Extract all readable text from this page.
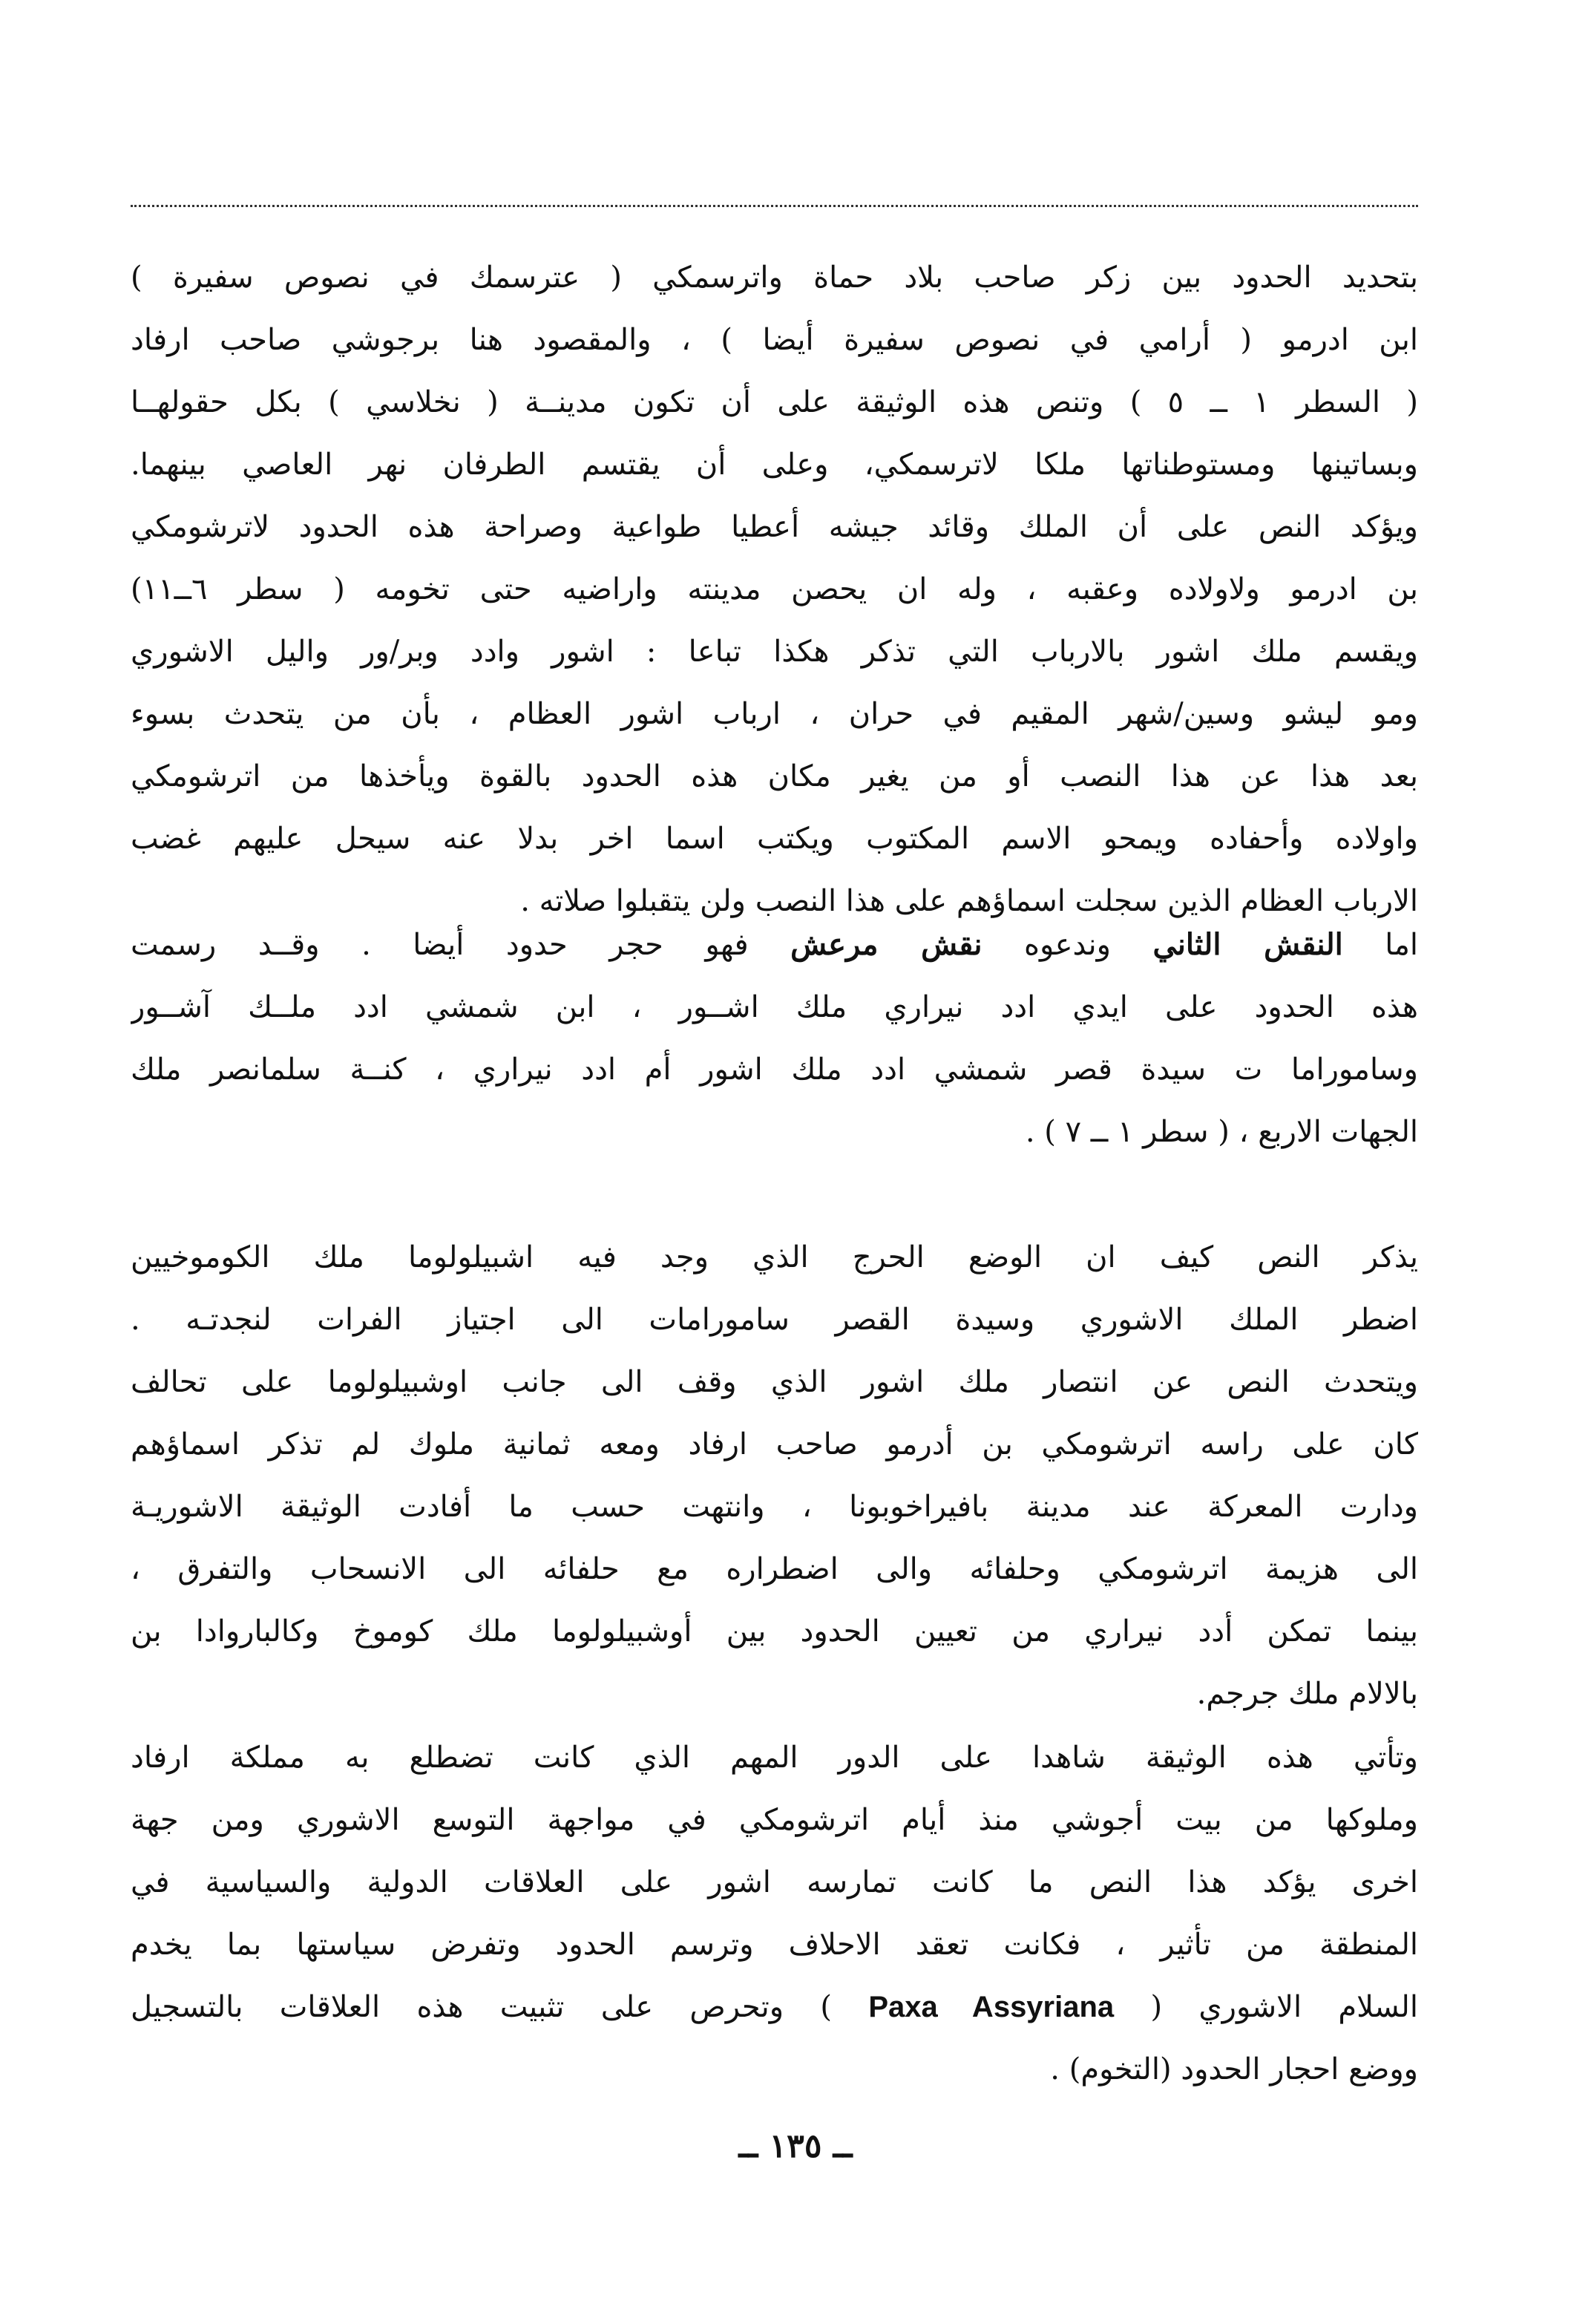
بتحديد الحدود بين زكر صاحب بلاد حماة واترسمكي ( عترسمك في نصوص سفيرة )
ابن ادرمو ( أرامي في نصوص سفيرة أيضا ) ، والمقصود هنا برجوشي صاحب ارفاد
( السطر ١ ــ ٥ ) وتنص هذه الوثيقة على أن تكون مدينــة ( نخلاسي ) بكل حقولهــا
وبساتينها ومستوطناتها ملكا لاترسمكي، وعلى أن يقتسم الطرفان نهر العاصي بينهما.
ويؤكد النص على أن الملك وقائد جيشه أعطيا طواعية وصراحة هذه الحدود لاترشومكي
بن ادرمو ولاولاده وعقبه ، وله ان يحصن مدينته واراضيه حتى تخومه ( سطر ٦ــ١١)
ويقسم ملك اشور بالارباب التي تذكر هكذا تباعا : اشور وادد وبر/ور واليل الاشوري
ومو ليشو وسين/شهر المقيم في حران ، ارباب اشور العظام ، بأن من يتحدث بسوء
بعد هذا عن هذا النصب أو من يغير مكان هذه الحدود بالقوة ويأخذها من اترشومكي
واولاده وأحفاده ويمحو الاسم المكتوب ويكتب اسما اخر بدلا عنه سيحل عليهم غضب
الارباب العظام الذين سجلت اسماؤهم على هذا النصب ولن يتقبلوا صلاته .
اما النقش الثاني وندعوه نقش مرعش فهو حجر حدود أيضا . وقــد رسمت
هذه الحدود على ايدي ادد نيراري ملك اشــور ، ابن شمشي ادد ملــك آشــور
وساموراما ت سيدة قصر شمشي ادد ملك اشور أم ادد نيراري ، كنــة سلمانصر ملك
الجهات الاربع ، ( سطر ١ ــ ٧ ) .
يذكر النص كيف ان الوضع الحرج الذي وجد فيه اشبيلولوما ملك الكوموخيين
اضطر الملك الاشوري وسيدة القصر سامورامات الى اجتياز الفرات لنجدتـه .
ويتحدث النص عن انتصار ملك اشور الذي وقف الى جانب اوشبيلولوما على تحالف
كان على راسه اترشومكي بن أدرمو صاحب ارفاد ومعه ثمانية ملوك لم تذكر اسماؤهم
ودارت المعركة عند مدينة بافيراخوبونا ، وانتهت حسب ما أفادت الوثيقة الاشوريـة
الى هزيمة اترشومكي وحلفائه والى اضطراره مع حلفائه الى الانسحاب والتفرق ،
بينما تمكن أدد نيراري من تعيين الحدود بين أوشبيلولوما ملك كوموخ وكالباروادا بن
بالالام ملك جرجم.
وتأتي هذه الوثيقة شاهدا على الدور المهم الذي كانت تضطلع به مملكة ارفاد
وملوكها من بيت أجوشي منذ أيام اترشومكي في مواجهة التوسع الاشوري ومن جهة
اخرى يؤكد هذا النص ما كانت تمارسه اشور على العلاقات الدولية والسياسية في
المنطقة من تأثير ، فكانت تعقد الاحلاف وترسم الحدود وتفرض سياستها بما يخدم
السلام الاشوري ( Paxa Assyriana ) وتحرص على تثبيت هذه العلاقات بالتسجيل
ووضع احجار الحدود (التخوم) .
ــ ١٣٥ ــ
